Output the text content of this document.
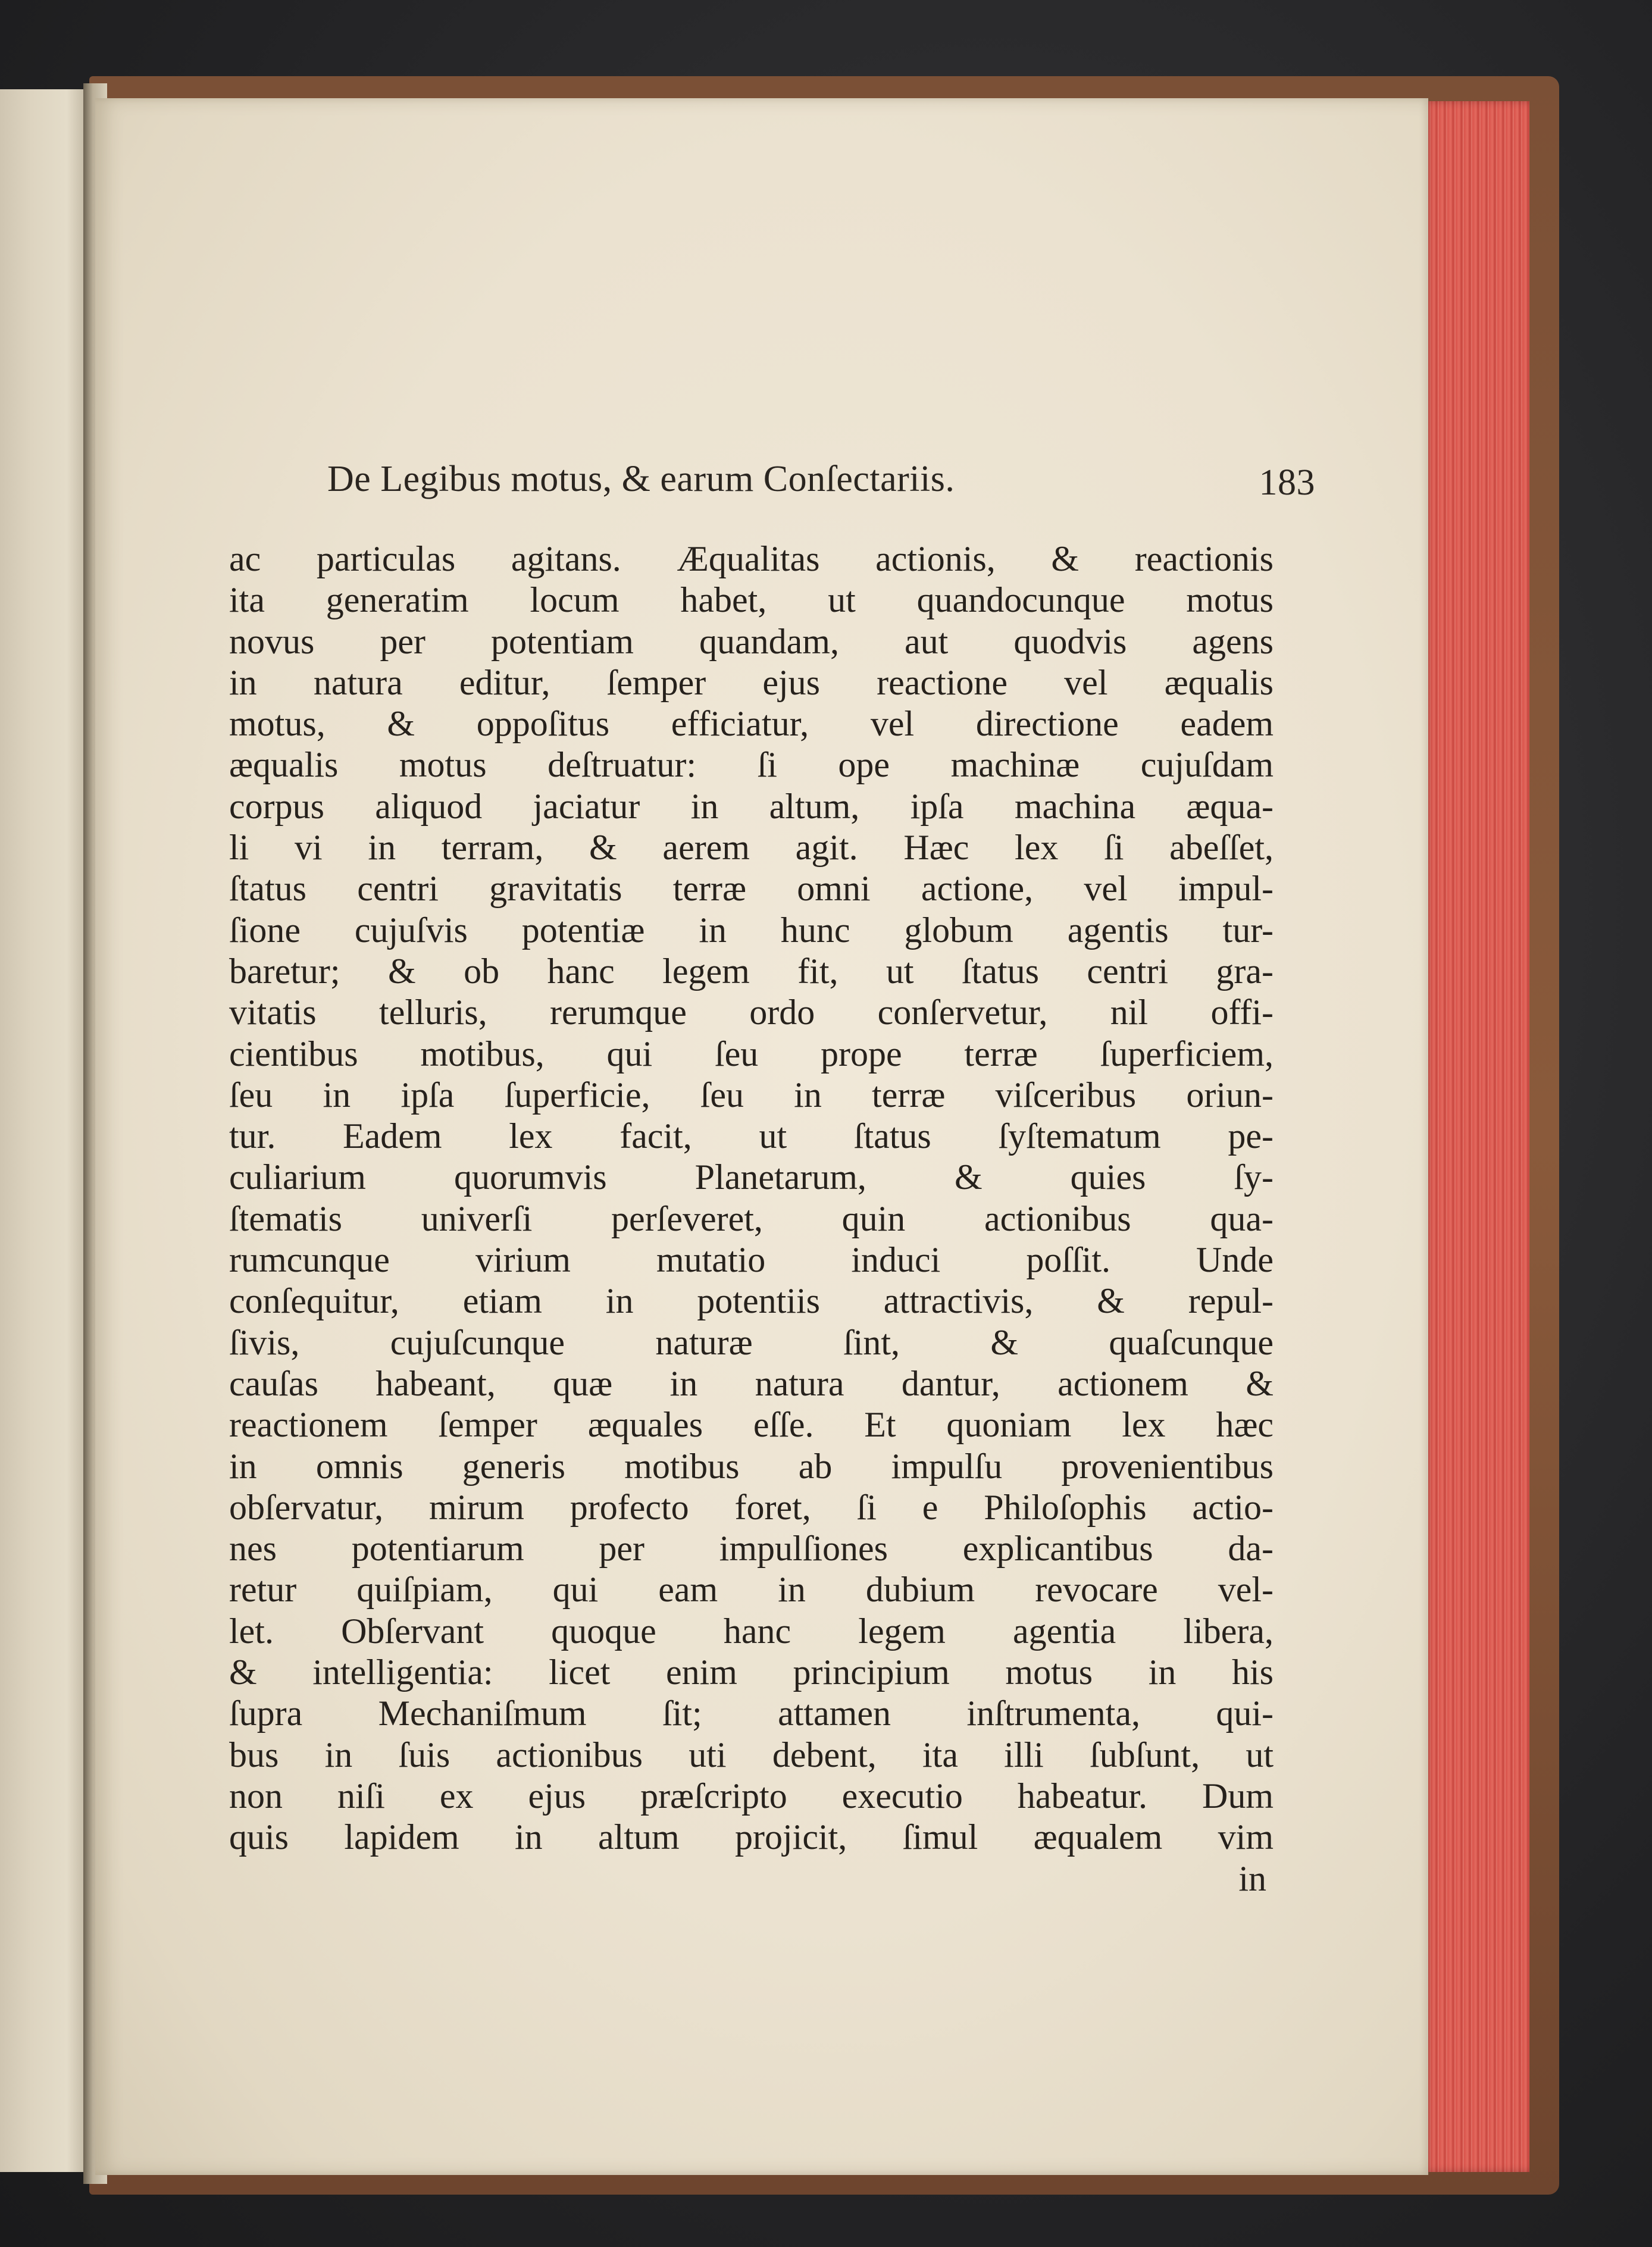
De Legibus motus, & earum Conſectariis.	183
ac particulas agitans. Æqualitas actionis, & reactionis
ita generatim locum habet, ut quandocunque motus
novus per potentiam quandam, aut quodvis agens
in natura editur, ſemper ejus reactione vel æqualis
motus, & oppoſitus efficiatur, vel directione eadem
æqualis motus deſtruatur: ſi ope machinæ cujuſdam
corpus aliquod jaciatur in altum, ipſa machina æqua-
li vi in terram, & aerem agit. Hæc lex ſi abeſſet,
ſtatus centri gravitatis terræ omni actione, vel impul-
ſione cujuſvis potentiæ in hunc globum agentis tur-
baretur; & ob hanc legem fit, ut ſtatus centri gra-
vitatis telluris, rerumque ordo conſervetur, nil offi-
cientibus motibus, qui ſeu prope terræ ſuperficiem,
ſeu in ipſa ſuperficie, ſeu in terræ viſceribus oriun-
tur. Eadem lex facit, ut ſtatus ſyſtematum pe-
culiarium quorumvis Planetarum, & quies ſy-
ſtematis univerſi perſeveret, quin actionibus qua-
rumcunque virium mutatio induci poſſit. Unde
conſequitur, etiam in potentiis attractivis, & repul-
ſivis, cujuſcunque naturæ ſint, & quaſcunque
cauſas habeant, quæ in natura dantur, actionem &
reactionem ſemper æquales eſſe. Et quoniam lex hæc
in omnis generis motibus ab impulſu provenientibus
obſervatur, mirum profecto foret, ſi e Philoſophis actio-
nes potentiarum per impulſiones explicantibus da-
retur quiſpiam, qui eam in dubium revocare vel-
let. Obſervant quoque hanc legem agentia libera,
& intelligentia: licet enim principium motus in his
ſupra Mechaniſmum ſit; attamen inſtrumenta, qui-
bus in ſuis actionibus uti debent, ita illi ſubſunt, ut
non niſi ex ejus præſcripto executio habeatur. Dum
quis lapidem in altum projicit, ſimul æqualem vim
in
